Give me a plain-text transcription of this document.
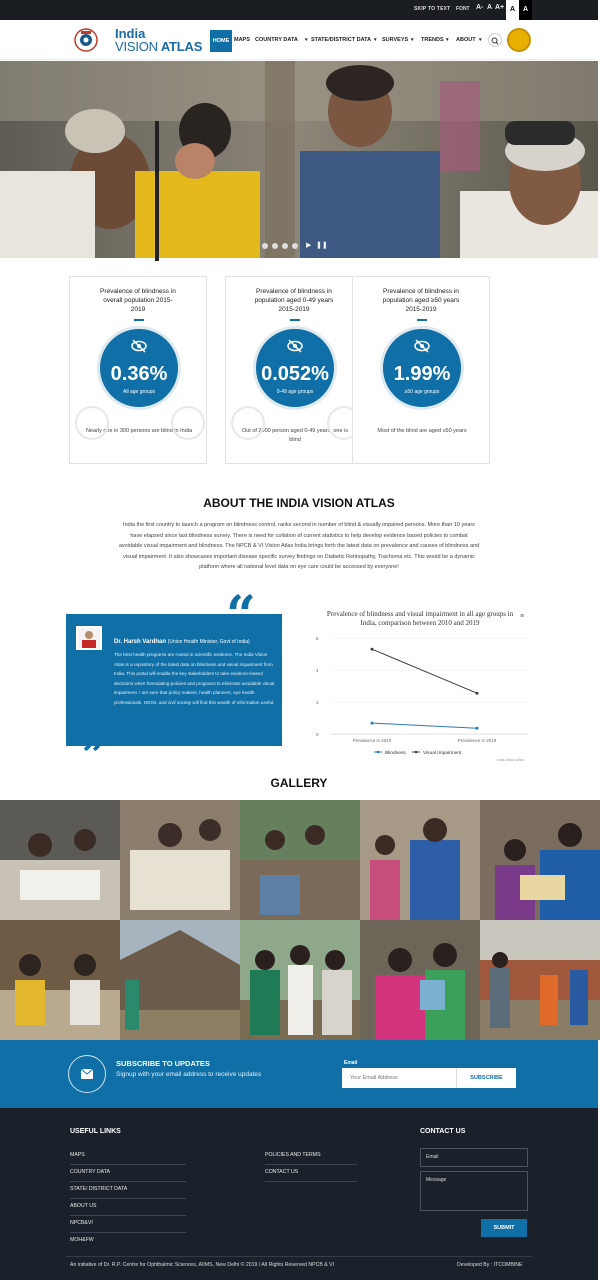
SKIP TO TEXT FONT A- A A+ A	A
India
VISION ATLAS	HOME MAPS COUNTRY DATA ▾ STATE/DISTRICT DATA ▾ SURVEYS ▾ TRENDS ▾ ABOUT ▾
▶ ❚❚
Prevalence of blindness in overall population 2015-2019
0.36%
All age groups
Nearly one in 300 persons are blind in India
Prevalence of blindness in population aged 0-49 years 2015-2019
0.052%
0-49 age groups
Out of 2000 person aged 0-49 years, one is blind
Prevalence of blindness in population aged ≥50 years 2015-2019
1.99%
≥50 age groups
Most of the blind are aged ≥50 years
ABOUT THE INDIA VISION ATLAS
India the first country to launch a program on blindness control, ranks second in number of blind & visually impaired persons. More than 10 years have elapsed since last blindness survey. There is need for collation of current statistics to help develop evidence based policies to combat avoidable visual impairment and blindness. The NPCB & VI Vision Atlas India brings forth the latest data on prevalence and causes of blindness and visual impairment. It also showcases important disease specific survey findings on Diabetic Retinopathy, Trachoma etc. This would be a dynamic platform where all national level data on eye care could be accessed by everyone!
Dr. Harsh Vardhan (Union Health Minister, Govt of India)
The best health programs are rooted in scientific evidence. The India Vision Atlas is a repository of the latest data on blindness and visual impairment from India. This portal will enable the key stakeholders to take evidence-based decisions when formulating policies and programs to eliminate avoidable visual impairment. I am sure that policy makers, health planners, eye health professionals, NGOs, and civil society will find this wealth of information useful.
”
Prevalence of blindness and visual impairment in all age groups in India, comparison between 2010 and 2019
≡
0
2
4
6
Prevalence in 2010	Prevalence in 2019
Blindness	Visual Impairment
India Vision Atlas
GALLERY
SUBSCRIBE TO UPDATES
Signup with your email address to receive updates
Email
Your Email Address
SUBSCRIBE
USEFUL LINKS
MAPS
COUNTRY DATA
STATE/ DISTRICT DATA
ABOUT US
NPCB&VI
MOH&FW
POLICIES AND TERMS
CONTACT US
CONTACT US
Email
Message
SUBMIT
An initiative of Dr. R.P. Centre for Ophthalmic Sciences, AIIMS, New Delhi © 2019 / All Rights Reserved NPCB & VI	Developed By : ITCOMBINE
